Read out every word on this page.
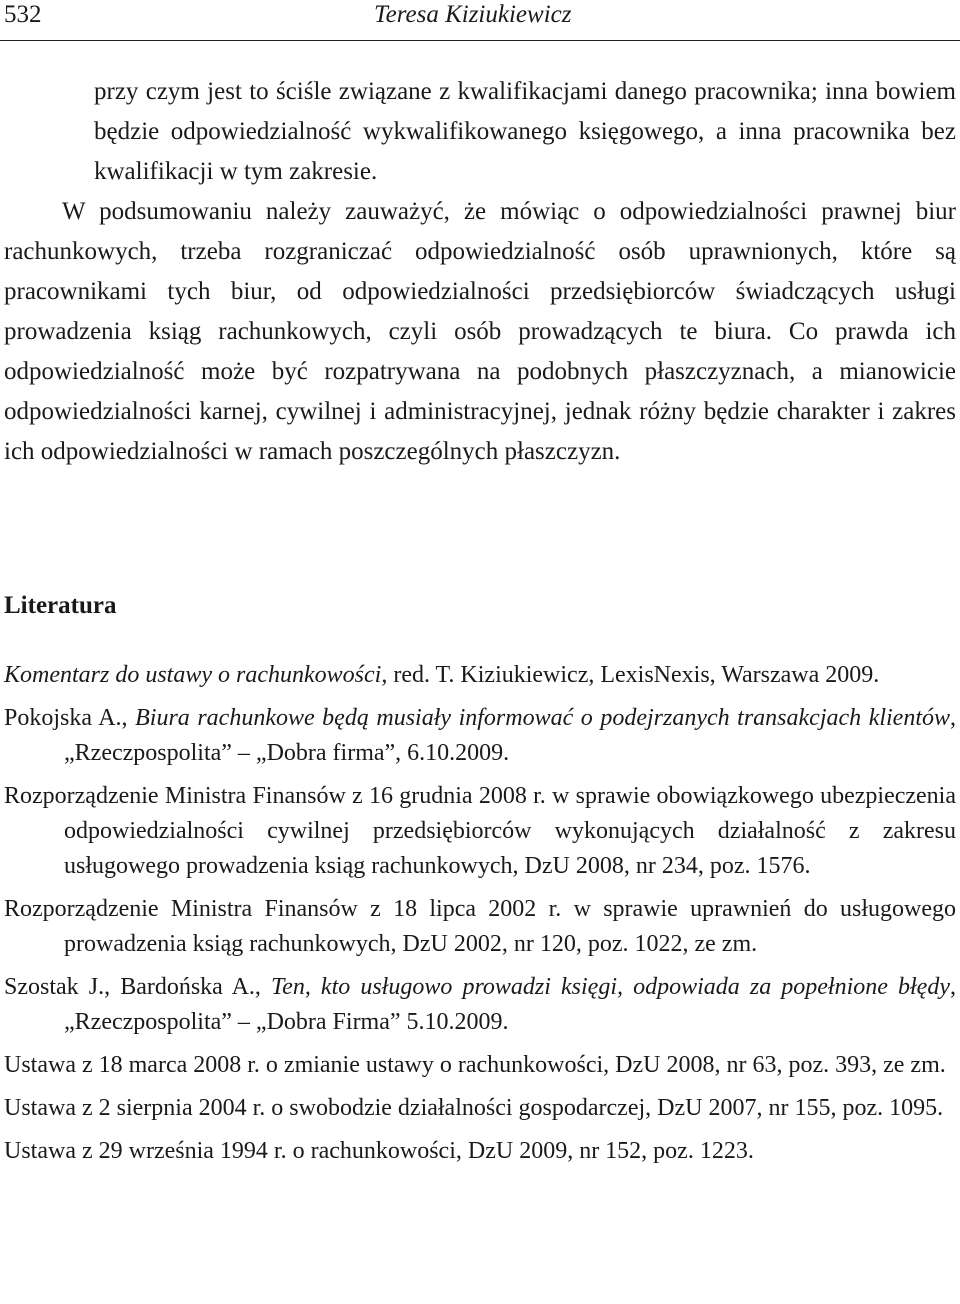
532	Teresa Kiziukiewicz

przy czym jest to ściśle związane z kwalifikacjami danego pracownika; inna bowiem będzie odpowiedzialność wykwalifikowanego księgowego, a inna pracownika bez kwalifikacji w tym zakresie.

W podsumowaniu należy zauważyć, że mówiąc o odpowiedzialności prawnej biur rachunkowych, trzeba rozgraniczać odpowiedzialność osób uprawnionych, które są pracownikami tych biur, od odpowiedzialności przedsiębiorców świadczących usługi prowadzenia ksiąg rachunkowych, czyli osób prowadzących te biura. Co prawda ich odpowiedzialność może być rozpatrywana na podobnych płaszczyznach, a mianowicie odpowiedzialności karnej, cywilnej i administracyjnej, jednak różny będzie charakter i zakres ich odpowiedzialności w ramach poszczególnych płaszczyzn.

Literatura
Komentarz do ustawy o rachunkowości, red. T. Kiziukiewicz, LexisNexis, Warszawa 2009.
Pokojska A., Biura rachunkowe będą musiały informować o podejrzanych transakcjach klientów, „Rzeczpospolita” – „Dobra firma”, 6.10.2009.
Rozporządzenie Ministra Finansów z 16 grudnia 2008 r. w sprawie obowiązkowego ubezpieczenia odpowiedzialności cywilnej przedsiębiorców wykonujących działalność z zakresu usługowego prowadzenia ksiąg rachunkowych, DzU 2008, nr 234, poz. 1576.
Rozporządzenie Ministra Finansów z 18 lipca 2002 r. w sprawie uprawnień do usługowego prowadzenia ksiąg rachunkowych, DzU 2002, nr 120, poz. 1022, ze zm.
Szostak J., Bardońska A., Ten, kto usługowo prowadzi księgi, odpowiada za popełnione błędy, „Rzeczpospolita” – „Dobra Firma” 5.10.2009.
Ustawa z 18 marca 2008 r. o zmianie ustawy o rachunkowości, DzU 2008, nr 63, poz. 393, ze zm.
Ustawa z 2 sierpnia 2004 r. o swobodzie działalności gospodarczej, DzU 2007, nr 155, poz. 1095.
Ustawa z 29 września 1994 r. o rachunkowości, DzU 2009, nr 152, poz. 1223.
